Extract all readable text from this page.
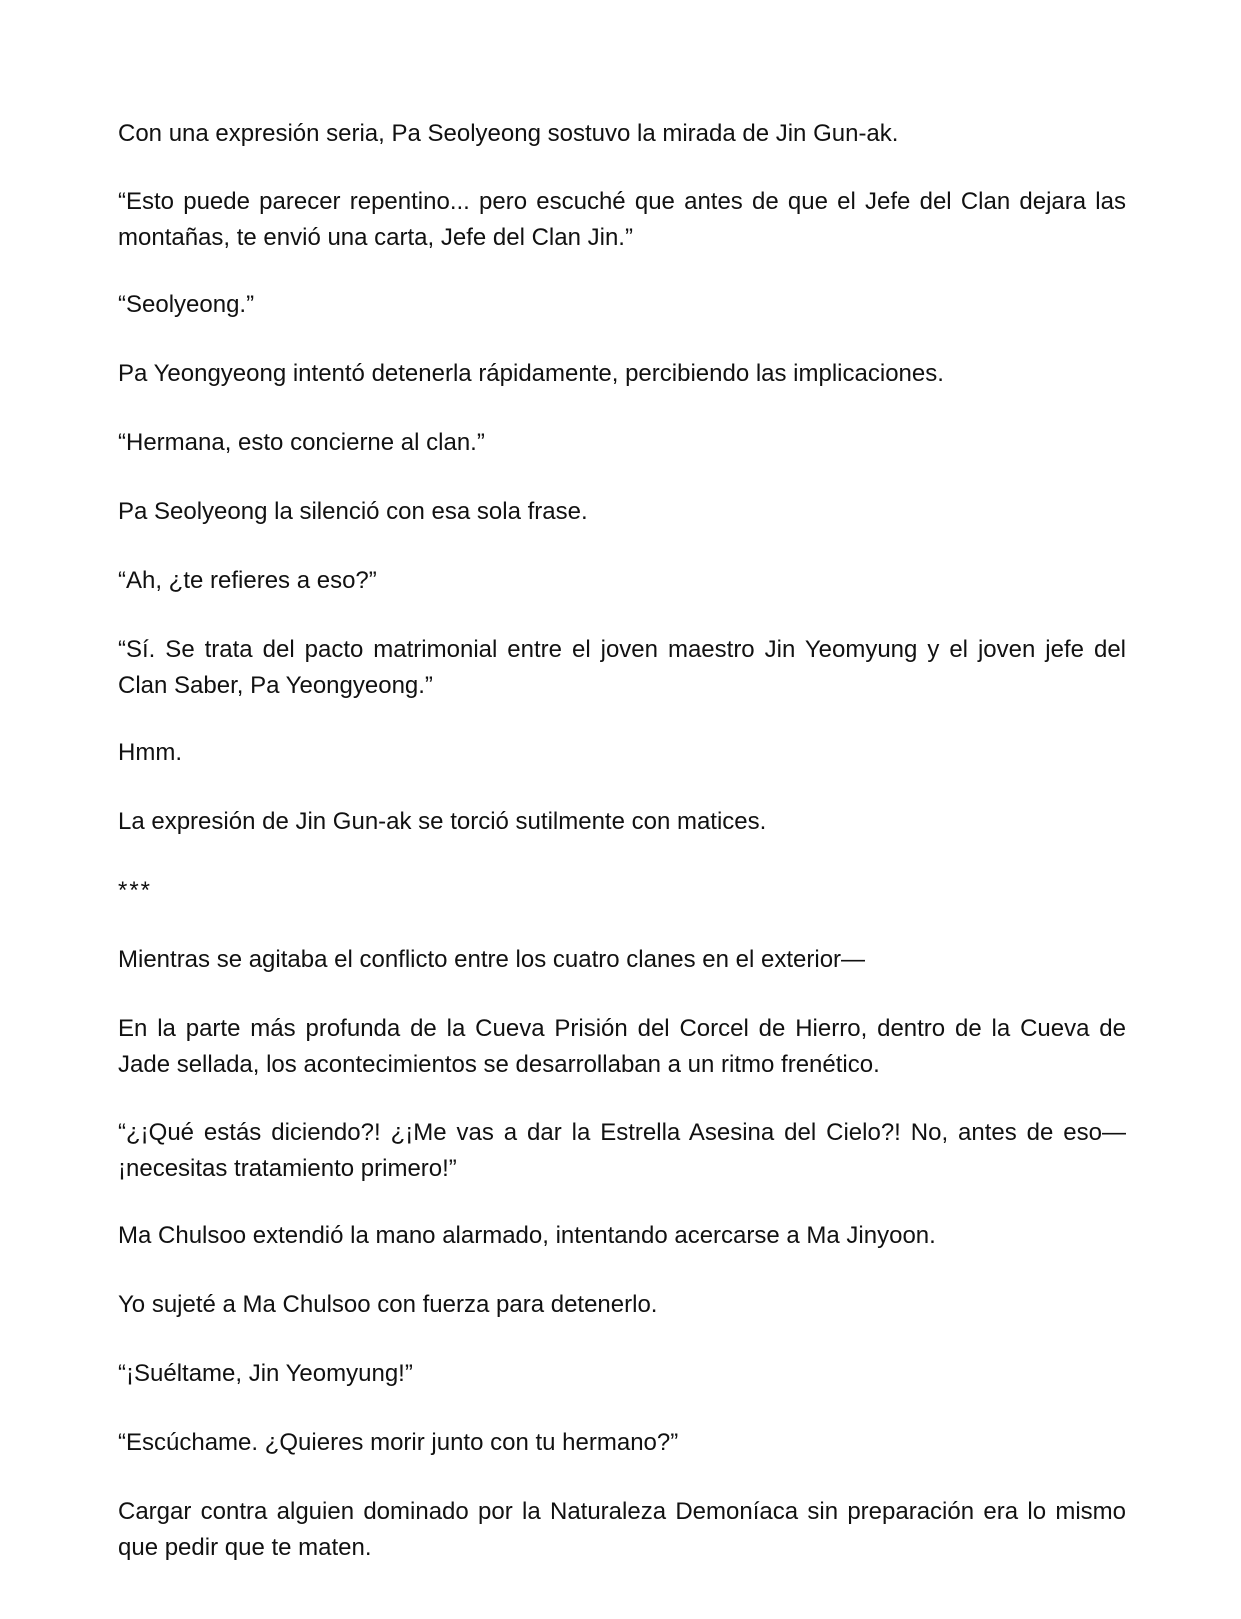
Con una expresión seria, Pa Seolyeong sostuvo la mirada de Jin Gun-ak.

“Esto puede parecer repentino... pero escuché que antes de que el Jefe del Clan dejara las montañas, te envió una carta, Jefe del Clan Jin.”

“Seolyeong.”

Pa Yeongyeong intentó detenerla rápidamente, percibiendo las implicaciones.

“Hermana, esto concierne al clan.”

Pa Seolyeong la silenció con esa sola frase.

“Ah, ¿te refieres a eso?”

“Sí. Se trata del pacto matrimonial entre el joven maestro Jin Yeomyung y el joven jefe del Clan Saber, Pa Yeongyeong.”

Hmm.

La expresión de Jin Gun-ak se torció sutilmente con matices.

***

Mientras se agitaba el conflicto entre los cuatro clanes en el exterior—

En la parte más profunda de la Cueva Prisión del Corcel de Hierro, dentro de la Cueva de Jade sellada, los acontecimientos se desarrollaban a un ritmo frenético.

“¿¡Qué estás diciendo?! ¿¡Me vas a dar la Estrella Asesina del Cielo?! No, antes de eso—¡necesitas tratamiento primero!”

Ma Chulsoo extendió la mano alarmado, intentando acercarse a Ma Jinyoon.

Yo sujeté a Ma Chulsoo con fuerza para detenerlo.

“¡Suéltame, Jin Yeomyung!”

“Escúchame. ¿Quieres morir junto con tu hermano?”

Cargar contra alguien dominado por la Naturaleza Demoníaca sin preparación era lo mismo que pedir que te maten.
